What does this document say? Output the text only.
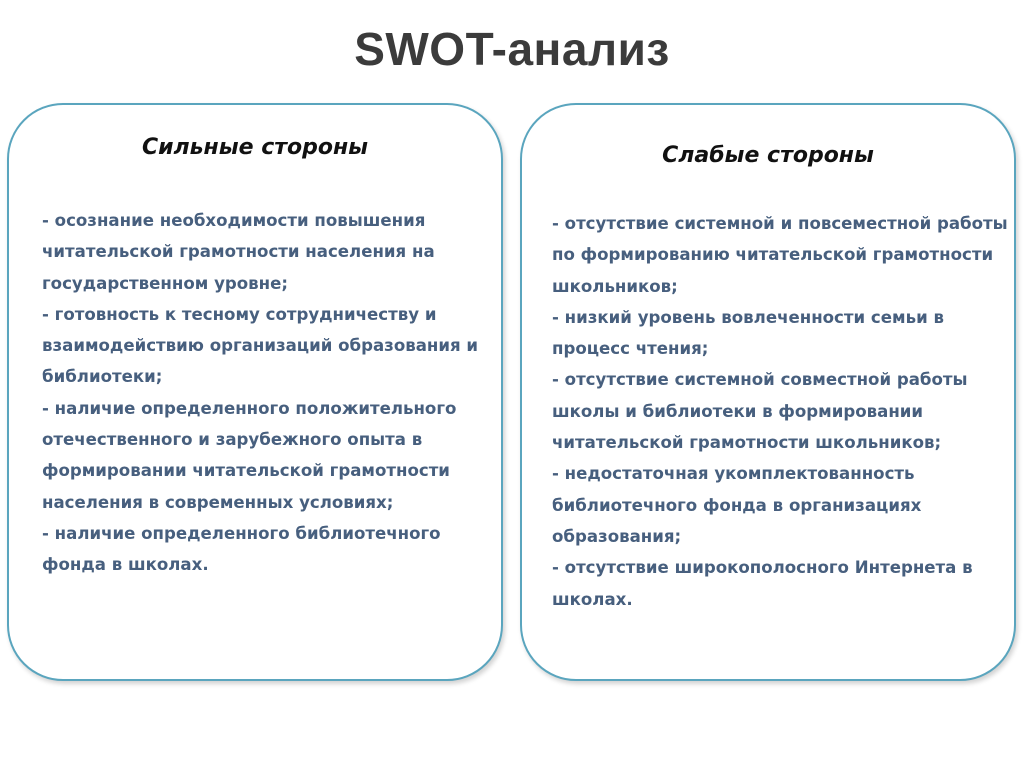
SWOT-анализ
Сильные стороны
- осознание необходимости повышения читательской грамотности населения на государственном уровне;
- готовность к тесному сотрудничеству и взаимодействию организаций образования и библиотеки;
- наличие определенного положительного отечественного и зарубежного опыта в формировании читательской грамотности населения в современных условиях;
- наличие определенного библиотечного фонда в школах.
Слабые стороны
- отсутствие системной и повсеместной работы по формированию читательской грамотности школьников;
- низкий уровень вовлеченности семьи в процесс чтения;
- отсутствие системной совместной работы школы и библиотеки в формировании читательской грамотности школьников;
- недостаточная укомплектованность библиотечного фонда в организациях образования;
- отсутствие широкополосного Интернета в школах.
